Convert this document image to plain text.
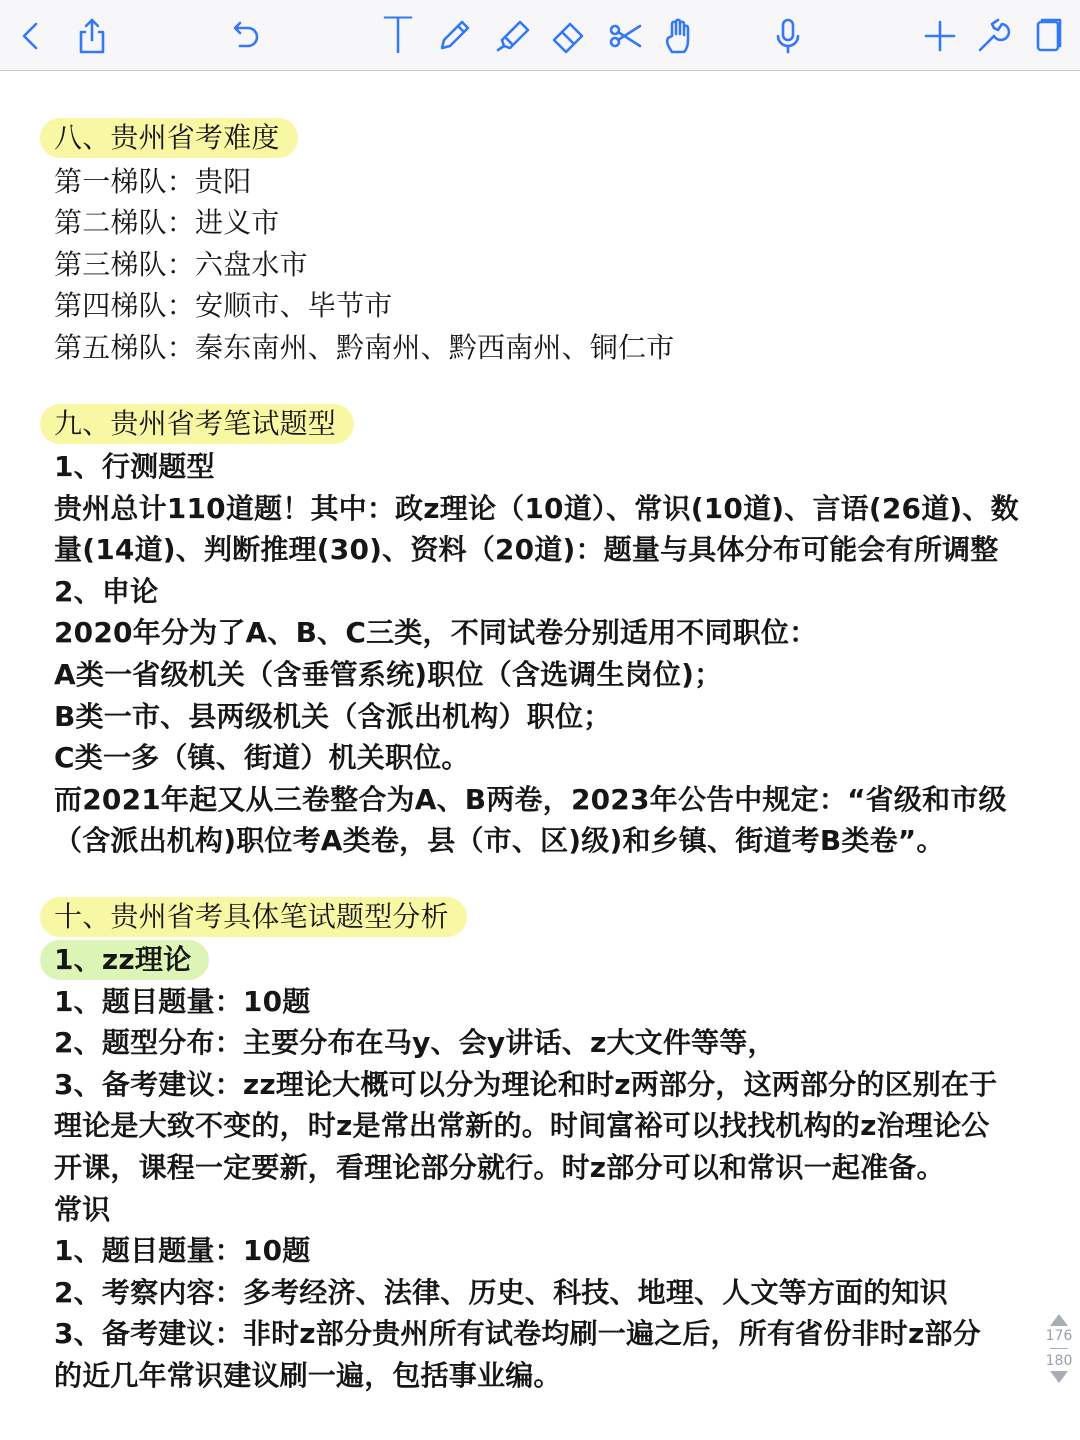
T
八、贵州省考难度
第一梯队：贵阳
第二梯队：进义市
第三梯队：六盘水市
第四梯队：安顺市、毕节市
第五梯队：秦东南州、黔南州、黔西南州、铜仁市
九、贵州省考笔试题型
1、行测题型
贵州总计110道题！其中：政z理论（10道）、常识(10道)、言语(26道)、数
量(14道)、判断推理(30)、资料（20道)：题量与具体分布可能会有所调整
2、申论
2020年分为了A、B、C三类，不同试卷分别适用不同职位：
A类一省级机关（含垂管系统)职位（含选调生岗位)；
B类一市、县两级机关（含派出机构）职位；
C类一多（镇、街道）机关职位。
而2021年起又从三卷整合为A、B两卷，2023年公告中规定：“省级和市级
（含派出机构)职位考A类卷，县（市、区)级)和乡镇、街道考B类卷”。
十、贵州省考具体笔试题型分析
1、zz理论
1、题目题量：10题
2、题型分布：主要分布在马y、会y讲话、z大文件等等，
3、备考建议：zz理论大概可以分为理论和时z两部分，这两部分的区别在于
理论是大致不变的，时z是常出常新的。时间富裕可以找找机构的z治理论公
开课，课程一定要新，看理论部分就行。时z部分可以和常识一起准备。
常识
1、题目题量：10题
2、考察内容：多考经济、法律、历史、科技、地理、人文等方面的知识
3、备考建议：非时z部分贵州所有试卷均刷一遍之后，所有省份非时z部分
的近几年常识建议刷一遍，包括事业编。
176
180
